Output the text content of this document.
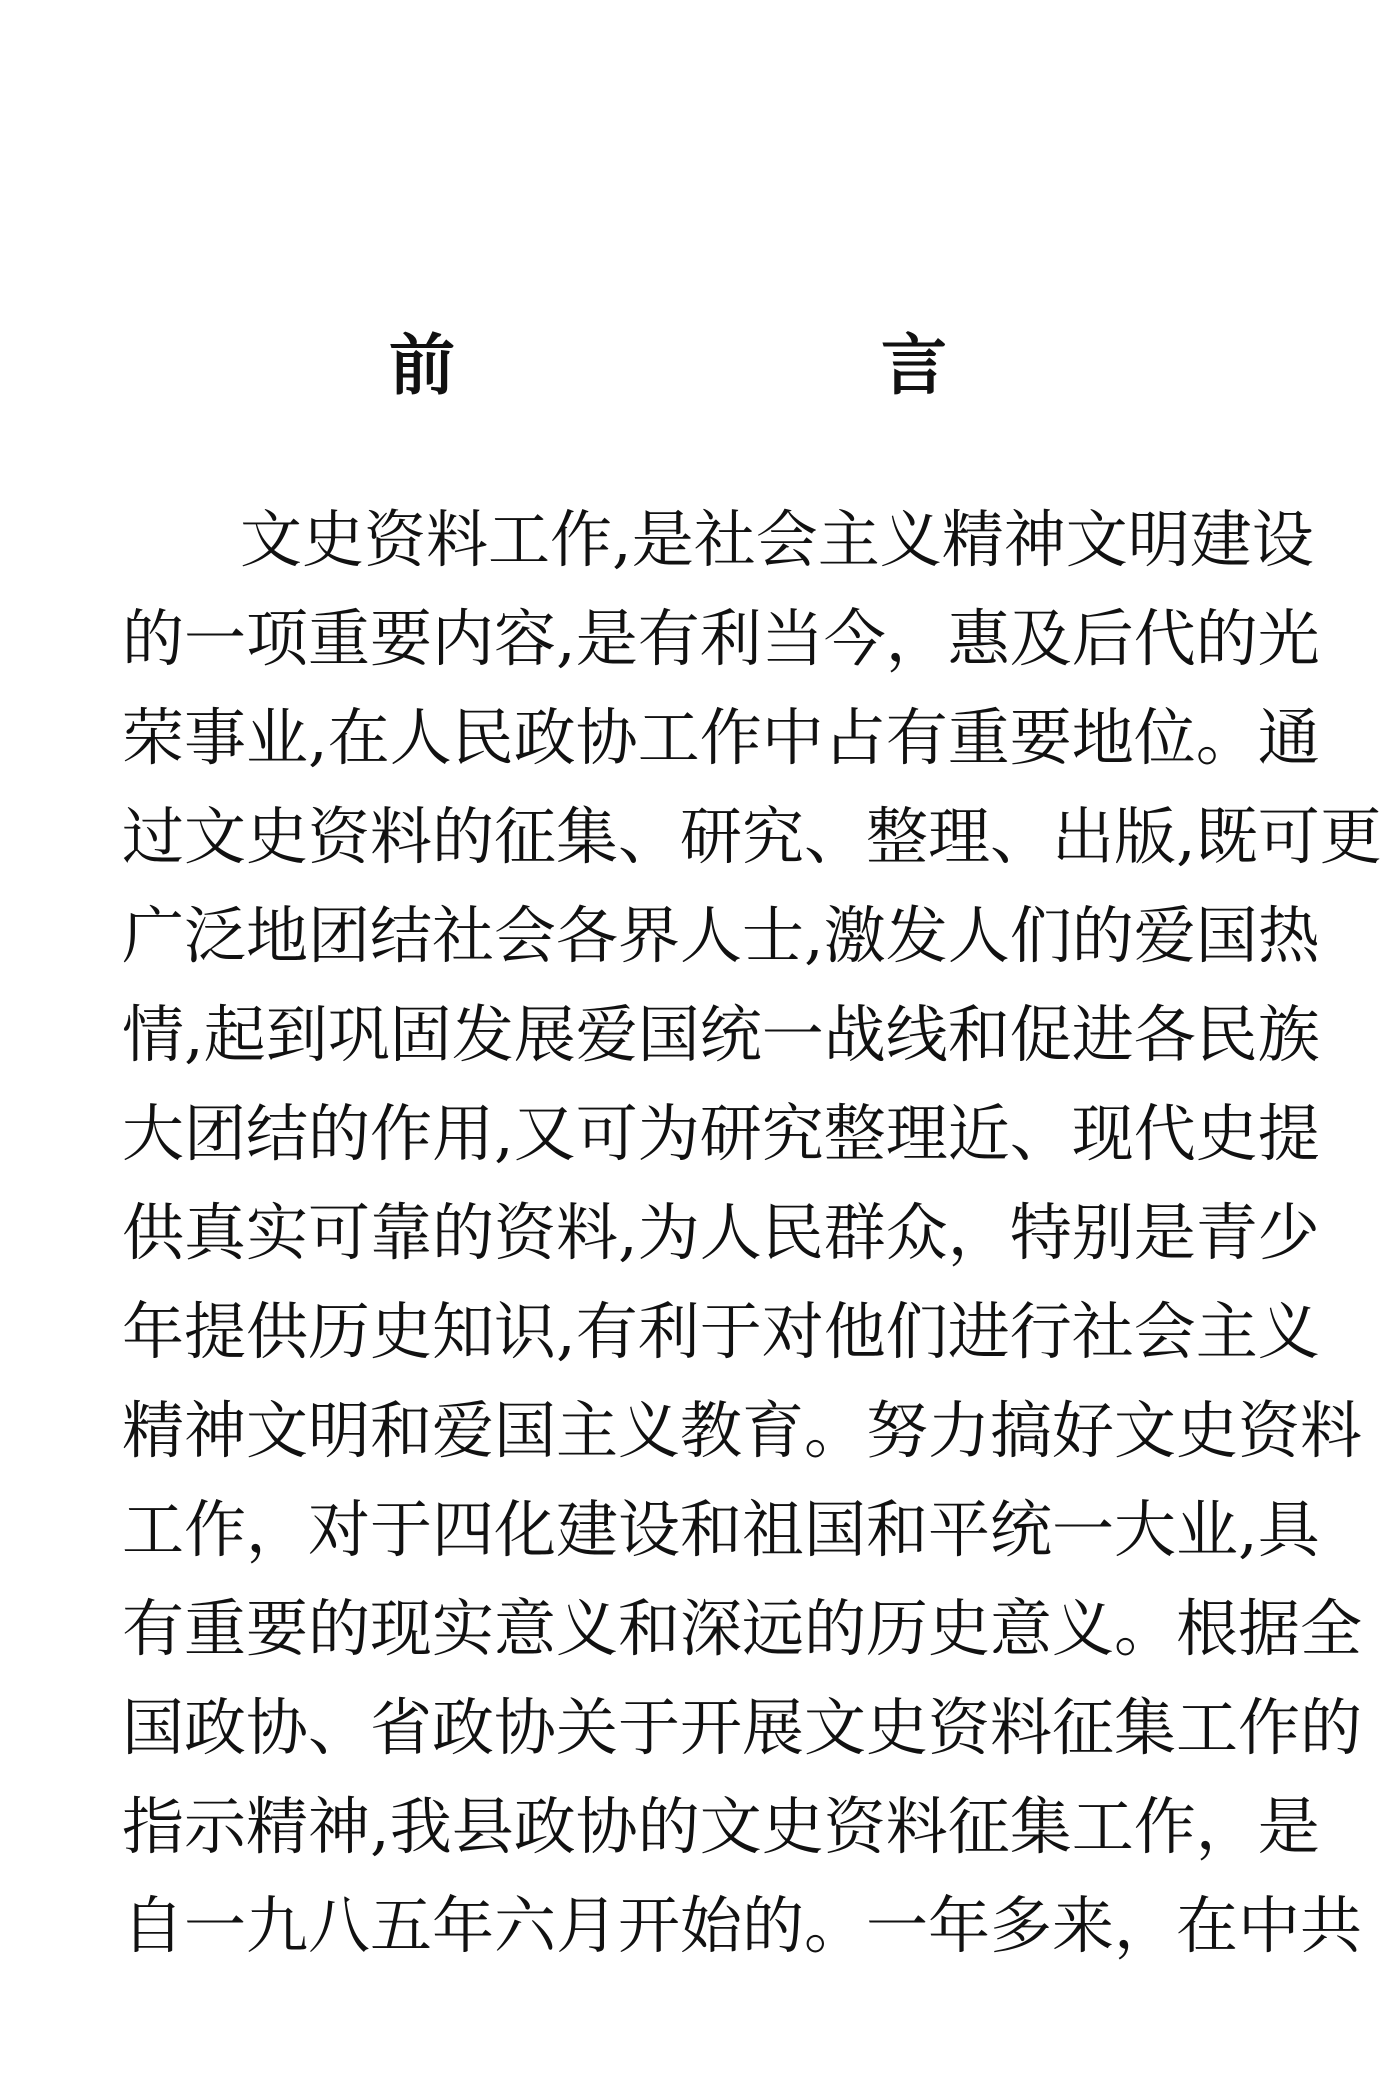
前　言
文史资料工作,是社会主义精神文明建设
的一项重要内容,是有利当今，惠及后代的光
荣事业,在人民政协工作中占有重要地位。通
过文史资料的征集、研究、整理、出版,既可更
广泛地团结社会各界人士,激发人们的爱国热
情,起到巩固发展爱国统一战线和促进各民族
大团结的作用,又可为研究整理近、现代史提
供真实可靠的资料,为人民群众，特别是青少
年提供历史知识,有利于对他们进行社会主义
精神文明和爱国主义教育。努力搞好文史资料
工作，对于四化建设和祖国和平统一大业,具
有重要的现实意义和深远的历史意义。根据全
国政协、省政协关于开展文史资料征集工作的
指示精神,我县政协的文史资料征集工作，是
自一九八五年六月开始的。一年多来，在中共
